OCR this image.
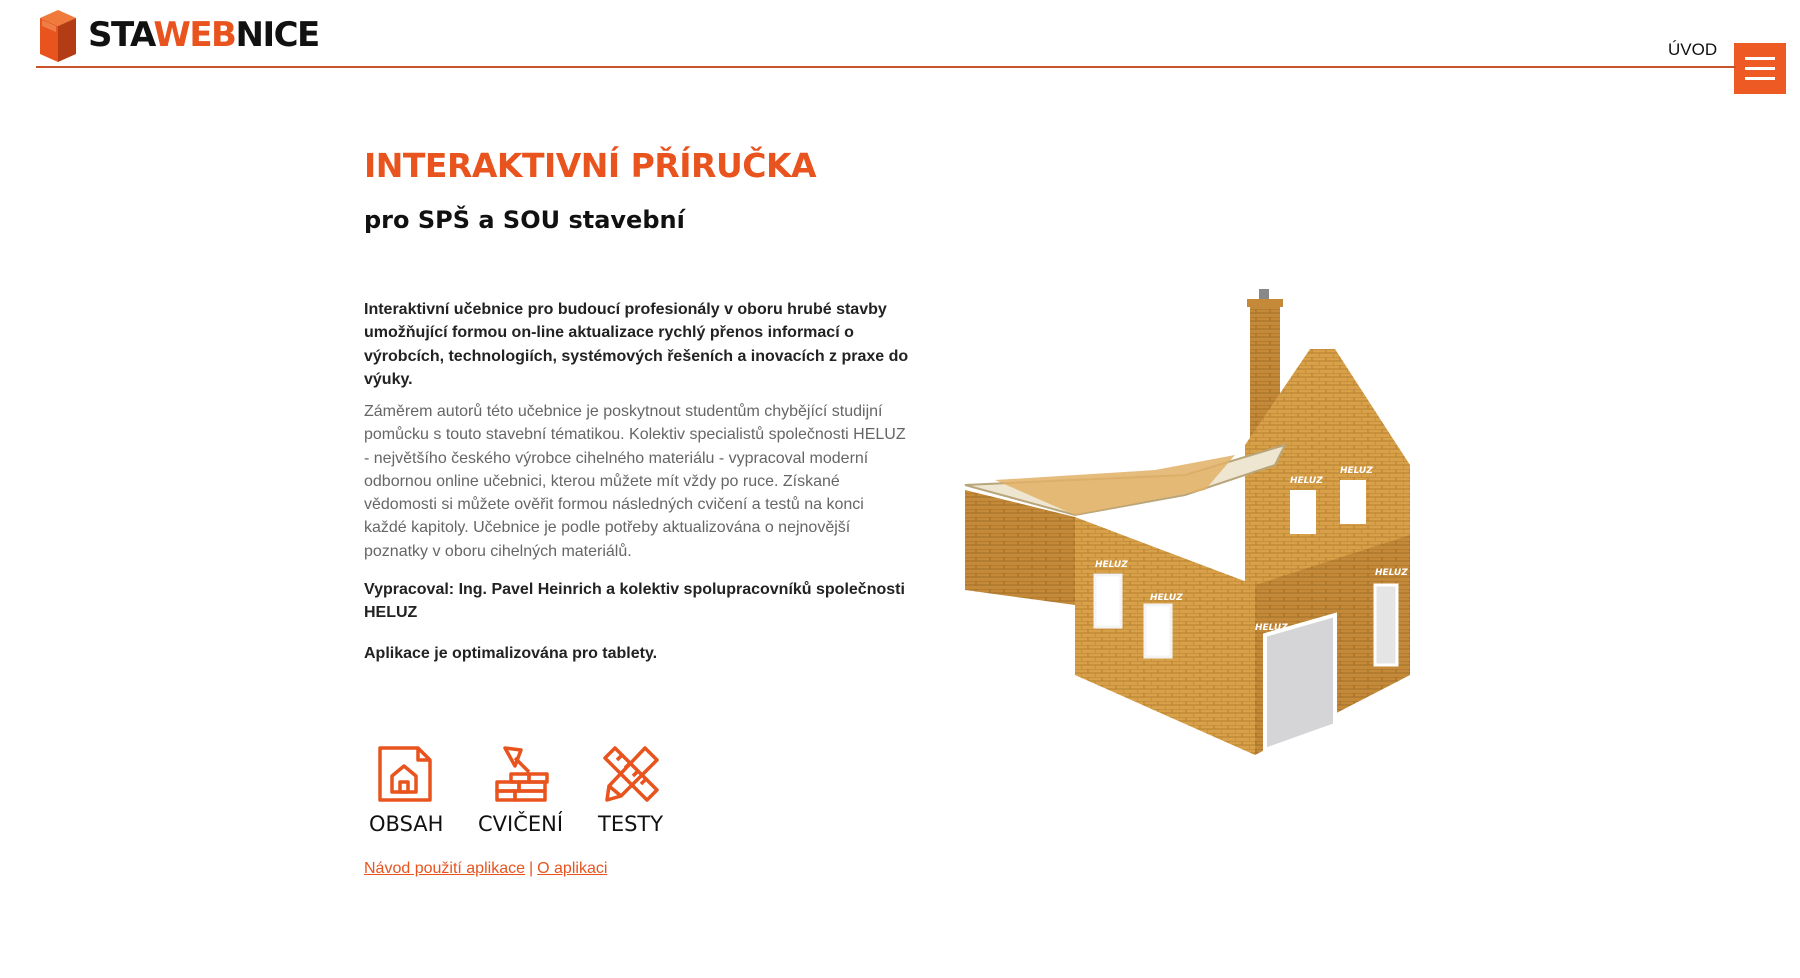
STAWEBNICE	ÚVOD
INTERAKTIVNÍ PŘÍRUČKA
pro SPŠ a SOU stavební

Interaktivní učebnice pro budoucí profesionály v oboru hrubé stavby umožňující formou on-line aktualizace rychlý přenos informací o výrobcích, technologiích, systémových řešeních a inovacích z praxe do výuky.

Záměrem autorů této učebnice je poskytnout studentům chybějící studijní pomůcku s touto stavební tématikou. Kolektiv specialistů společnosti HELUZ - největšího českého výrobce cihelného materiálu - vypracoval moderní odbornou online učebnici, kterou můžete mít vždy po ruce. Získané vědomosti si můžete ověřit formou následných cvičení a testů na konci každé kapitoly. Učebnice je podle potřeby aktualizována o nejnovější poznatky v oboru cihelných materiálů.

Vypracoval: Ing. Pavel Heinrich a kolektiv spolupracovníků společnosti HELUZ

Aplikace je optimalizována pro tablety.

OBSAH CVIČENÍ TESTY
Návod použití aplikace | O aplikaci
HELUZ
HELUZ
HELUZ
HELUZ
HELUZ
HELUZ
